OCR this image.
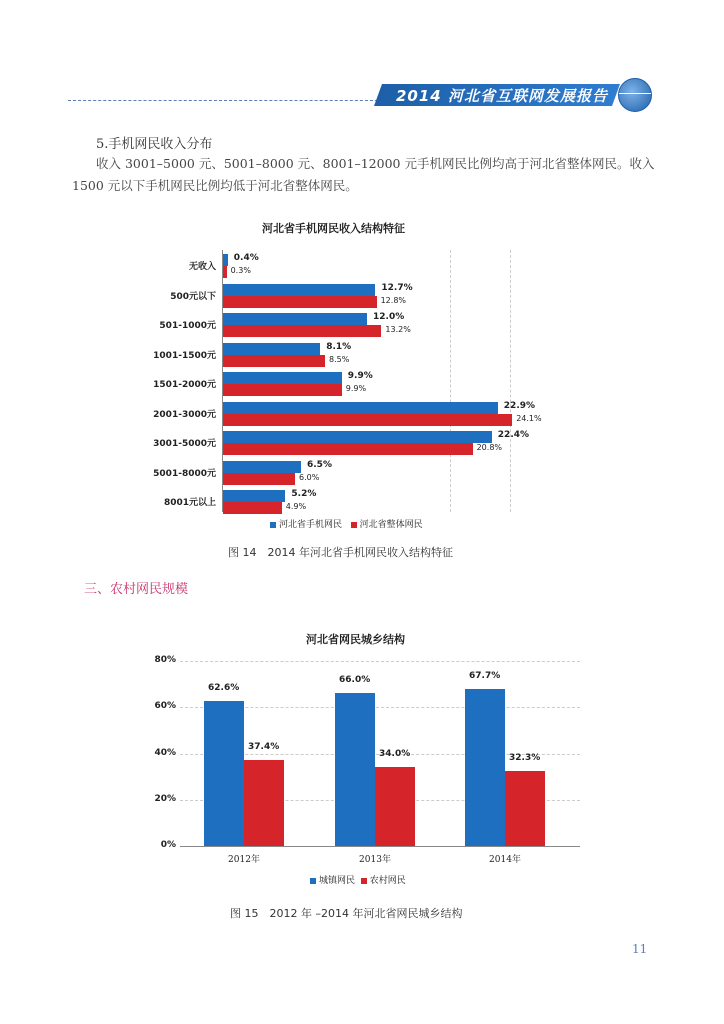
2014 河北省互联网发展报告
5.手机网民收入分布
收入 3001–5000 元、5001–8000 元、8001–12000 元手机网民比例均高于河北省整体网民。收入 1500 元以下手机网民比例均低于河北省整体网民。
河北省手机网民收入结构特征
无收入
0.4%
0.3%
500元以下
12.7%
12.8%
501-1000元
12.0%
13.2%
1001-1500元
8.1%
8.5%
1501-2000元
9.9%
9.9%
2001-3000元
22.9%
24.1%
3001-5000元
22.4%
20.8%
5001-8000元
6.5%
6.0%
8001元以上
5.2%
4.9%
河北省手机网民 河北省整体网民
图 14　2014 年河北省手机网民收入结构特征
三、农村网民规模
河北省网民城乡结构
80%
60%
40%
20%
0%
62.6%
37.4%
2012年
66.0%
34.0%
2013年
67.7%
32.3%
2014年
城镇网民 农村网民
图 15　2012 年 –2014 年河北省网民城乡结构
11
